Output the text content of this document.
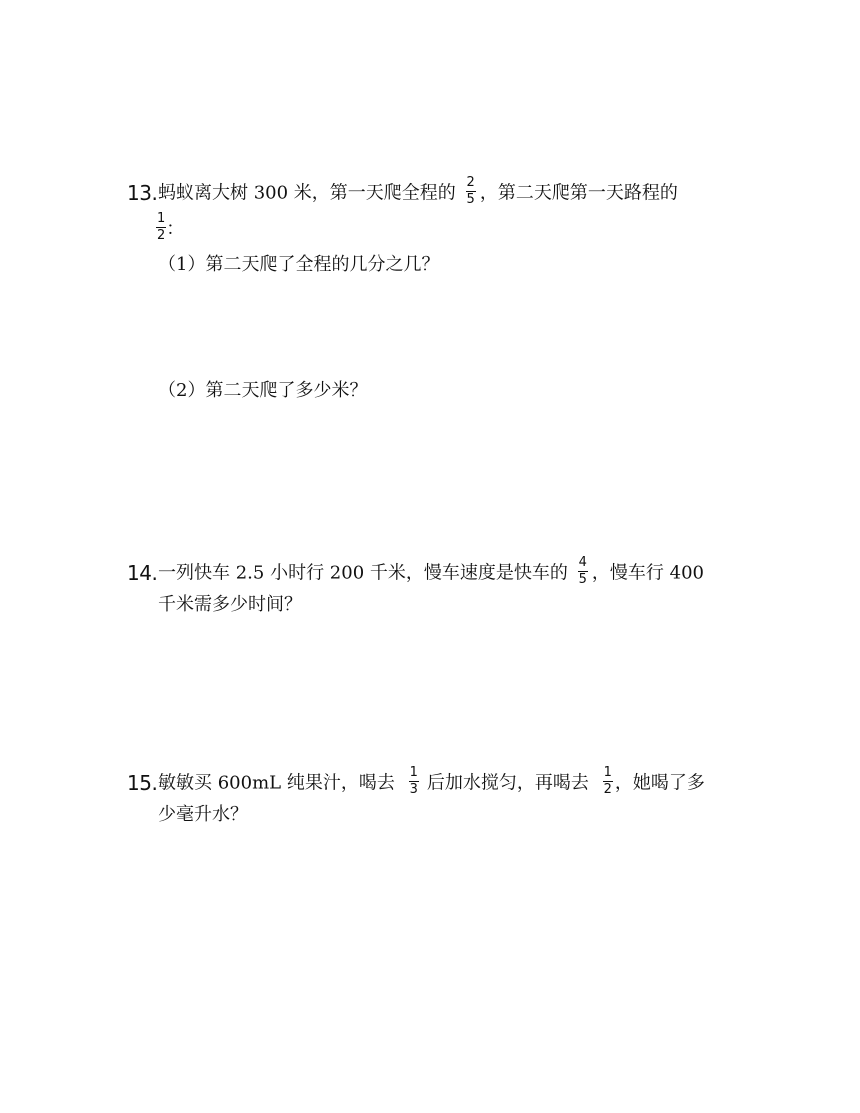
13. 蚂蚁离大树 300 米，第一天爬全程的 $\frac{2}{5}$ ，第二天爬第一天路程的
$\frac{1}{2}$ ：
（1）第二天爬了全程的几分之几？
（2）第二天爬了多少米？
14. 一列快车 2.5 小时行 200 千米，慢车速度是快车的 $\frac{4}{5}$ ，慢车行 400
千米需多少时间？
15. 敏敏买 600mL 纯果汁，喝去 $\frac{1}{3}$ 后加水搅匀，再喝去 $\frac{1}{2}$ ，她喝了多
少毫升水？
